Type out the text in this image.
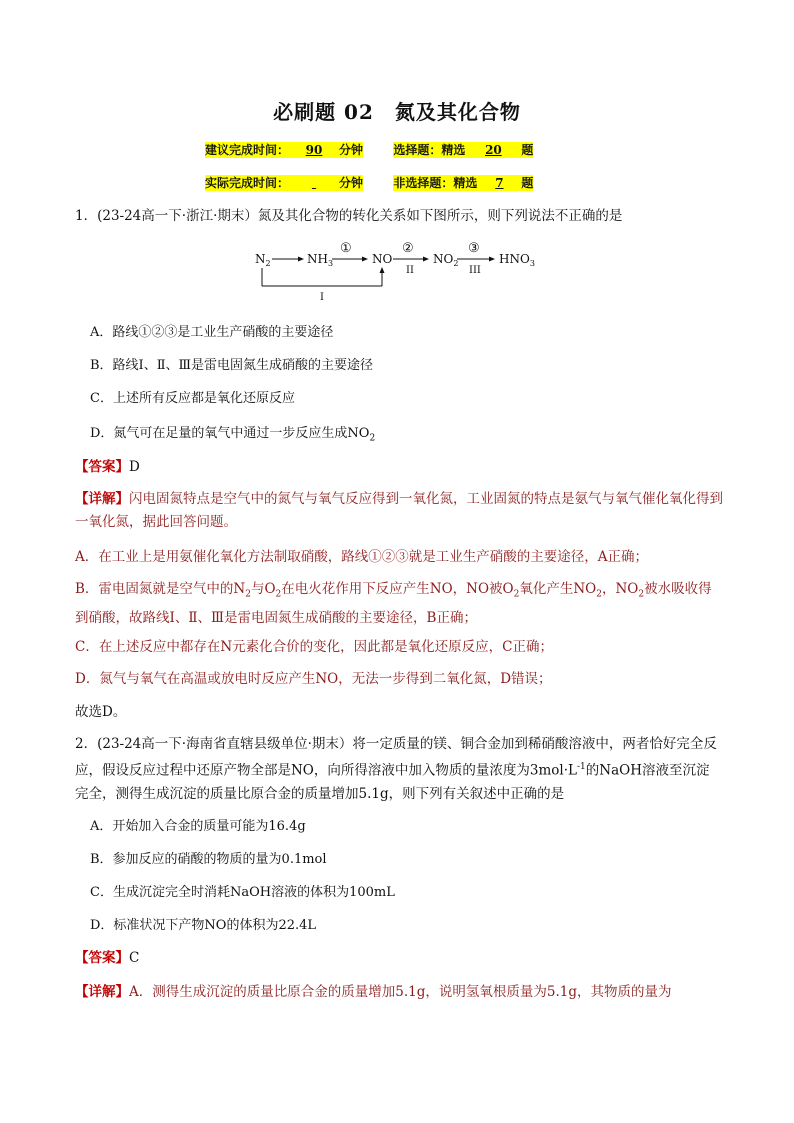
必刷题 02　氮及其化合物
建议完成时间： 90 分钟	选择题：精选 20 题
实际完成时间：	分钟	非选择题：精选 7 题
1．(23-24高一下·浙江·期末）氮及其化合物的转化关系如下图所示，则下列说法不正确的是
$N_2$	$NH_3$	NO	$NO_2$	$HNO_3$
①	②	③
II	III
I
A．路线①②③是工业生产硝酸的主要途径
B．路线Ⅰ、Ⅱ、Ⅲ是雷电固氮生成硝酸的主要途径
C．上述所有反应都是氧化还原反应
D．氮气可在足量的氧气中通过一步反应生成$NO_2$
【答案】D
【详解】闪电固氮特点是空气中的氮气与氧气反应得到一氧化氮，工业固氮的特点是氨气与氧气催化氧化得到一氧化氮，据此回答问题。
A．在工业上是用氨催化氧化方法制取硝酸，路线①②③就是工业生产硝酸的主要途径，A正确；
B．雷电固氮就是空气中的$N_2$与$O_2$在电火花作用下反应产生NO，NO被$O_2$氧化产生$NO_2$，$NO_2$被水吸收得到硝酸，故路线Ⅰ、Ⅱ、Ⅲ是雷电固氮生成硝酸的主要途径，B正确；
C．在上述反应中都存在N元素化合价的变化，因此都是氧化还原反应，C正确；
D．氮气与氧气在高温或放电时反应产生NO，无法一步得到二氧化氮，D错误；
故选D。
2．(23-24高一下·海南省直辖县级单位·期末）将一定质量的镁、铜合金加到稀硝酸溶液中，两者恰好完全反应，假设反应过程中还原产物全部是NO，向所得溶液中加入物质的量浓度为$3mol\cdot L^{-1}$的NaOH溶液至沉淀完全，测得生成沉淀的质量比原合金的质量增加5.1g，则下列有关叙述中正确的是
A．开始加入合金的质量可能为16.4g
B．参加反应的硝酸的物质的量为0.1mol
C．生成沉淀完全时消耗NaOH溶液的体积为100mL
D．标准状况下产物NO的体积为22.4L
【答案】C
【详解】A．测得生成沉淀的质量比原合金的质量增加5.1g，说明氢氧根质量为5.1g，其物质的量为
